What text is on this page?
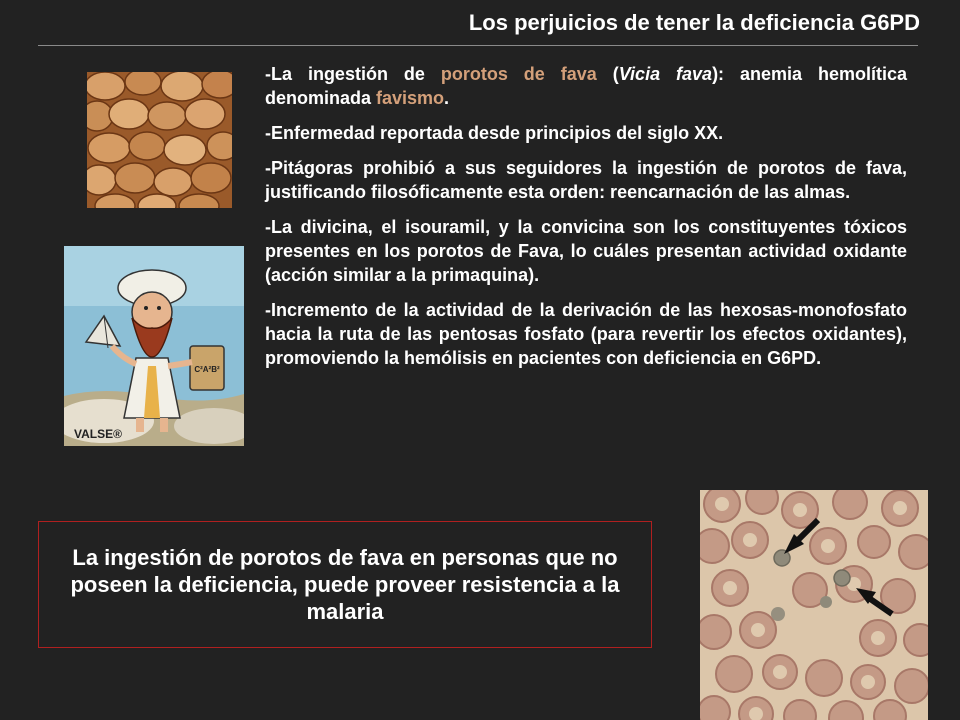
Los perjuicios de tener la deficiencia G6PD
C²A²B²
VALSE®

-La ingestión de porotos de fava (Vicia fava): anemia hemolítica denominada favismo.

-Enfermedad reportada desde principios del siglo XX.

-Pitágoras prohibió a sus seguidores la ingestión de porotos de fava, justificando filosóficamente esta orden: reencarnación de las almas.

-La divicina, el isouramil, y la convicina son los constituyentes tóxicos presentes en los porotos de Fava, lo cuáles presentan actividad oxidante (acción similar a la primaquina).

-Incremento de la actividad de la derivación de las hexosas-monofosfato hacia la ruta de las pentosas fosfato (para revertir los efectos oxidantes), promoviendo la hemólisis en pacientes con deficiencia en G6PD.

La ingestión de porotos de fava en personas que no poseen la deficiencia, puede proveer resistencia a la malaria
